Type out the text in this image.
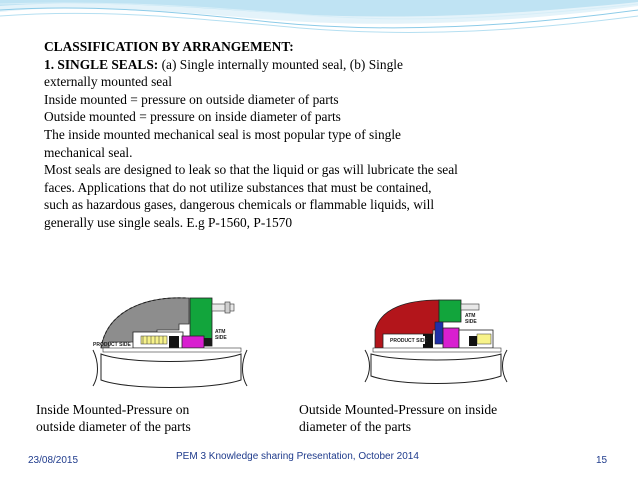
CLASSIFICATION BY ARRANGEMENT:
1. SINGLE SEALS: (a) Single internally mounted seal, (b) Single
externally mounted seal
Inside mounted = pressure on outside diameter of parts
Outside mounted = pressure on inside diameter of parts
The inside mounted mechanical seal is most popular type of single
mechanical seal.
Most seals are designed to leak so that the liquid or gas will lubricate the seal
faces. Applications that do not utilize substances that must be contained,
such as hazardous gases, dangerous chemicals or flammable liquids, will
generally use single seals. E.g P-1560, P-1570
PRODUCT SIDE
ATM
SIDE	PRODUCT SIDE
ATM
SIDE
Inside Mounted-Pressure on
outside diameter of the parts
Outside Mounted-Pressure on inside
diameter of the parts
23/08/2015	PEM 3 Knowledge sharing Presentation, October 2014	15
